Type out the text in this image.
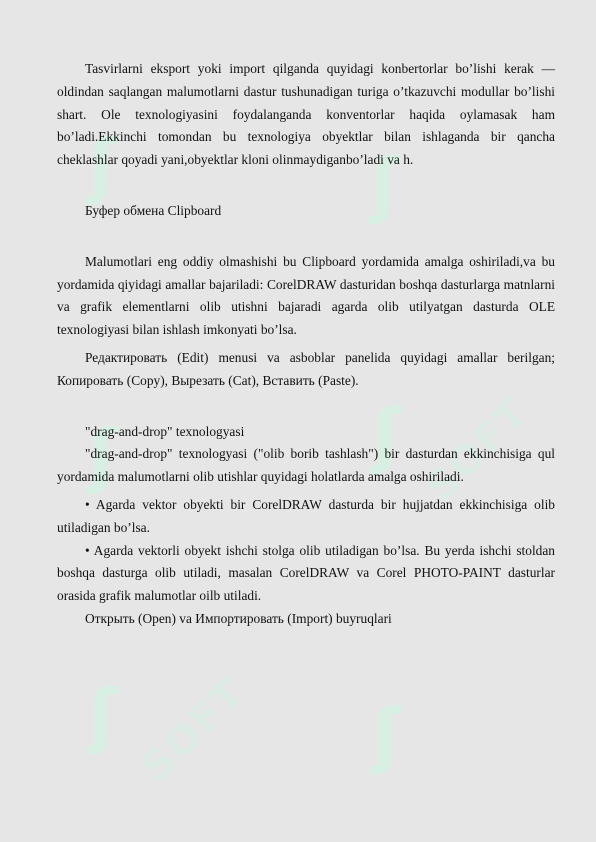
ʃ	ʃ
ʃ	ʃ SOFT
ʃ SOFT ʃ

Tasvirlarni eksport yoki import qilganda quyidagi konbertorlar bo’lishi kerak — oldindan saqlangan malumotlarni dastur tushunadigan turiga o’tkazuvchi modullar bo’lishi shart. Ole texnologiyasini foydalanganda konventorlar haqida oylamasak ham bo’ladi.Ekkinchi tomondan bu texnologiya obyektlar bilan ishlaganda bir qancha cheklashlar qoyadi yani,obyektlar kloni olinmaydiganbo’ladi va h.

Буфер обмена Clipboard

Malumotlari eng oddiy olmashishi bu Clipboard yordamida amalga oshiriladi,va bu yordamida qiyidagi amallar bajariladi: CorelDRAW dasturidan boshqa dasturlarga matnlarni va grafik elementlarni olib utishni bajaradi agarda olib utilyatgan dasturda OLE texnologiyasi bilan ishlash imkonyati bo’lsa.

Редактировать (Edit) menusi va asboblar panelida quyidagi amallar berilgan; Копировать (Copy), Вырезать (Cat), Вставить (Paste).

"drag-and-drop" texnologyasi

"drag-and-drop" texnologyasi ("olib borib tashlash") bir dasturdan ekkinchisiga qul yordamida malumotlarni olib utishlar quyidagi holatlarda amalga oshiriladi.

• Agarda vektor obyekti bir CorelDRAW dasturda bir hujjatdan ekkinchisiga olib utiladigan bo’lsa.

• Agarda vektorli obyekt ishchi stolga olib utiladigan bo’lsa. Bu yerda ishchi stoldan boshqa dasturga olib utiladi, masalan CorelDRAW va Corel PHOTO-PAINT dasturlar orasida grafik malumotlar oilb utiladi.

Открыть (Open) va Импортировать (Import) buyruqlari
